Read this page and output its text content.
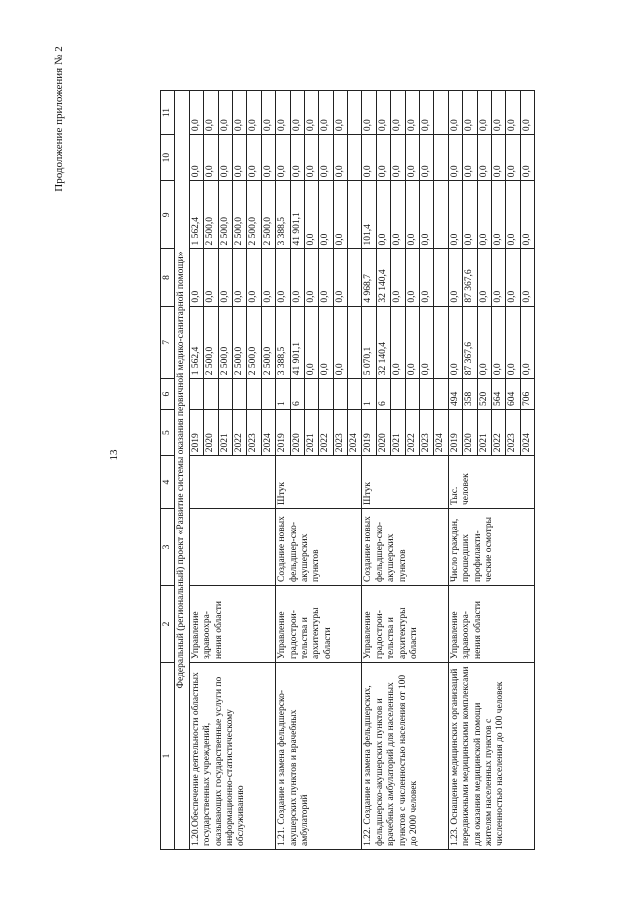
13
Продолжение приложения № 2
1	2	3	4	5	6	7	8	9	10	11
Федеральный (региональный) проект «Развитие системы оказания первичной медико-санитарной помощи»										
1.20.Обеспечение деятельности областных государственных учреждений, оказывающих государственные услуги по информационно-статистическому обслуживанию	Управление здравоохра-нения области			2019		1 562,4	0,0	1 562,4	0,0	0,0
				2020		2 500,0	0,0	2 500,0	0,0	0,0
				2021		2 500,0	0,0	2 500,0	0,0	0,0
				2022		2 500,0	0,0	2 500,0	0,0	0,0
				2023		2 500,0	0,0	2 500,0	0,0	0,0
				2024		2 500,0	0,0	2 500,0	0,0	0,0
1.21. Создание и замена фельдшерско-акушерских пунктов и врачебных амбулаторий	Управление градострои-тельства и архитектуры области	Создание новых фельдшер-ско-акушерских пунктов	Штук	2019	1	3 388,5	0,0	3 388,5	0,0	0,0
				2020	6	41 901,1	0,0	41 901,1	0,0	0,0
				2021		0,0	0,0	0,0	0,0	0,0
				2022		0,0	0,0	0,0	0,0	0,0
				2023		0,0	0,0	0,0	0,0	0,0
				2024						
1.22. Создание и замена фельдшерских, фельдшерско-акушерских пунктов и врачебных амбулаторий для населенных пунктов с численностью населения от 100 до 2000 человек	Управление градострои-тельства и архитектуры области	Создание новых фельдшер-ско-акушерских пунктов	Штук	2019	1	5 070,1	4 968,7	101,4	0,0	0,0
				2020	6	32 140,4	32 140,4	0,0	0,0	0,0
				2021		0,0	0,0	0,0	0,0	0,0
				2022		0,0	0,0	0,0	0,0	0,0
				2023		0,0	0,0	0,0	0,0	0,0
				2024						
1.23. Оснащение медицинских организаций передвижными медицинскими комплексами для оказания медицинской помощи жителям населенных пунктов с численностью населения до 100 человек	Управление здравоохра-нения области	Число граждан, прошедших профилакти-ческие осмотры	Тыс. человек	2019	494	0,0	0,0	0,0	0,0	0,0
				2020	358	87 367,6	87 367,6	0,0	0,0	0,0
				2021	520	0,0	0,0	0,0	0,0	0,0
				2022	564	0,0	0,0	0,0	0,0	0,0
				2023	604	0,0	0,0	0,0	0,0	0,0
				2024	706	0,0	0,0	0,0	0,0	0,0
